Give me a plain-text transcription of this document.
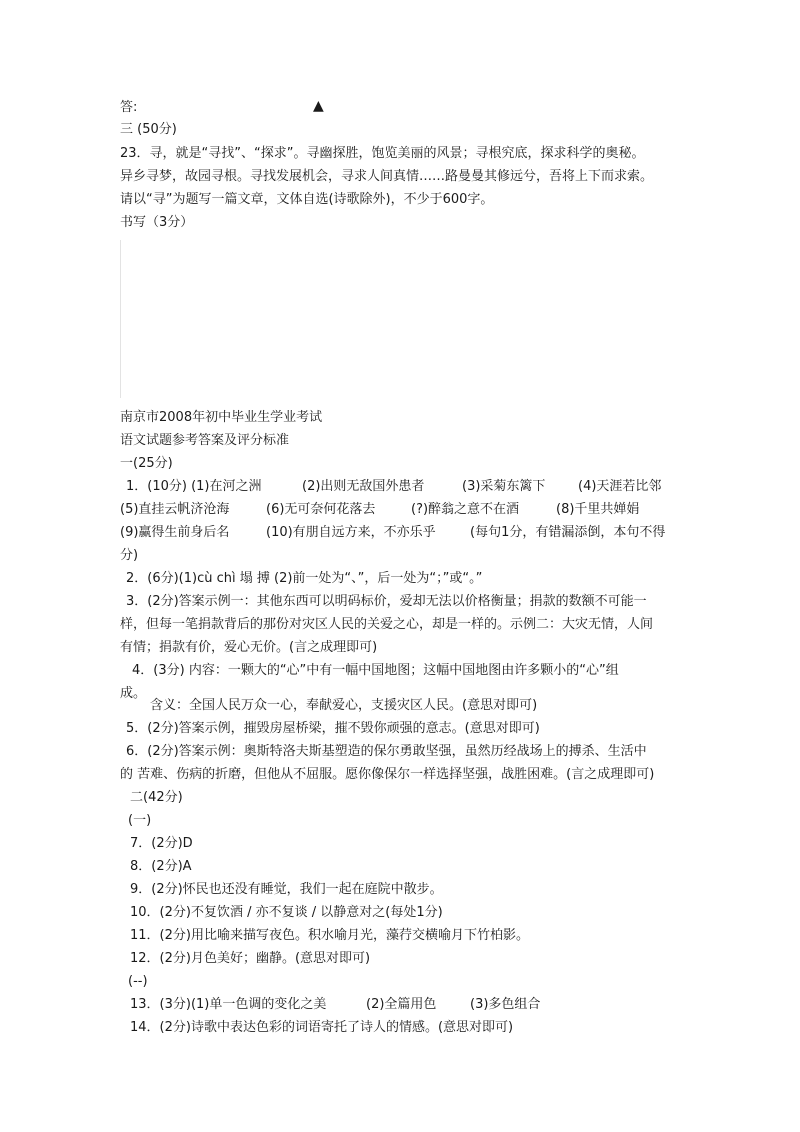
答:	▲
三 (50分)
23．寻，就是“寻找”、“探求”。寻幽探胜，饱览美丽的风景；寻根究底，探求科学的奥秘。
异乡寻梦，故园寻根。寻找发展机会，寻求人间真情……路曼曼其修远兮，吾将上下而求索。
请以“寻”为题写一篇文章，文体自选(诗歌除外)，不少于600字。
书写（3分）
南京市2008年初中毕业生学业考试
语文试题参考答案及评分标准
一(25分)
1．(10分) (1)在河之洲	(2)出则无敌国外患者	(3)采菊东篱下	(4)天涯若比邻
(5)直挂云帆济沧海	(6)无可奈何花落去	(?)醉翁之意不在酒	(8)千里共婵娟
(9)赢得生前身后名	(10)有朋自远方来，不亦乐乎	(每句1分，有错漏添倒，本句不得
分)
2．(6分)(1)cù chì 塌 搏 (2)前一处为“、”，后一处为“；”或“。”
3．(2分)答案示例一：其他东西可以明码标价，爱却无法以价格衡量；捐款的数额不可能一
样，但每一笔捐款背后的那份对灾区人民的关爱之心，却是一样的。示例二：大灾无情，人间
有情；捐款有价，爱心无价。(言之成理即可)
4．(3分) 内容：一颗大的“心”中有一幅中国地图；这幅中国地图由许多颗小的“心”组
成。
含义：全国人民万众一心，奉献爱心，支援灾区人民。(意思对即可)
5．(2分)答案示例，摧毁房屋桥梁，摧不毁你顽强的意志。(意思对即可)
6．(2分)答案示例：奥斯特洛夫斯基塑造的保尔勇敢坚强，虽然历经战场上的搏杀、生活中
的 苦难、伤病的折磨，但他从不屈服。愿你像保尔一样选择坚强，战胜困难。(言之成理即可)
二(42分)
(一)
7．(2分)D
8．(2分)A
9．(2分)怀民也还没有睡觉，我们一起在庭院中散步。
10．(2分)不复饮酒 / 亦不复谈 / 以静意对之(每处1分)
11．(2分)用比喻来描写夜色。积水喻月光，藻荇交横喻月下竹柏影。
12．(2分)月色美好；幽静。(意思对即可)
(--)
13．(3分)(1)单一色调的变化之美	(2)全篇用色	(3)多色组合
14．(2分)诗歌中表达色彩的词语寄托了诗人的情感。(意思对即可)
